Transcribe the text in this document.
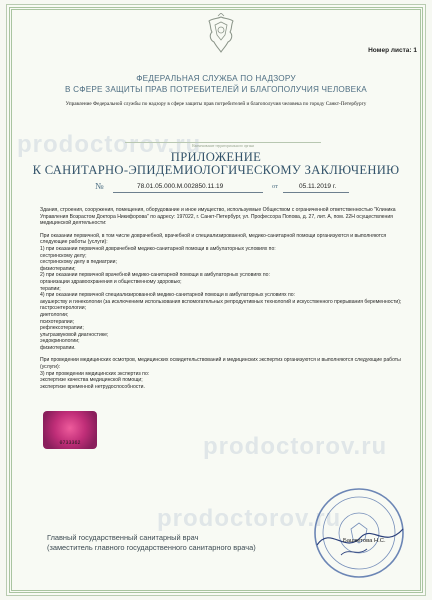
prodoctorov.ru
prodoctorov.ru
prodoctorov.ru
Номер листа: 1
ФЕДЕРАЛЬНАЯ СЛУЖБА ПО НАДЗОРУ
В СФЕРЕ ЗАЩИТЫ ПРАВ ПОТРЕБИТЕЛЕЙ И БЛАГОПОЛУЧИЯ ЧЕЛОВЕКА
Управление Федеральной службы по надзору в сфере защиты прав потребителей и благополучия человека по городу Санкт-Петербургу
Наименование территориального органа
ПРИЛОЖЕНИЕ
К САНИТАРНО-ЭПИДЕМИОЛОГИЧЕСКОМУ ЗАКЛЮЧЕНИЮ
№	78.01.05.000.М.002850.11.19	от	05.11.2019 г.

Здания, строения, сооружения, помещения, оборудование и иное имущество, используемые Обществом с ограниченной ответственностью "Клиника Управления Возрастом Доктора Никифорова" по адресу: 197022, г. Санкт-Петербург, ул. Профессора Попова, д. 27, лит. А, пом. 22Н осуществления медицинской деятельности:

При оказании первичной, в том числе доврачебной, врачебной и специализированной, медико-санитарной помощи организуются и выполняются следующие работы (услуги):

1) при оказании первичной доврачебной медико-санитарной помощи в амбулаторных условиях по:

сестринскому делу;

сестринскому делу в педиатрии;

физиотерапии;

2) при оказании первичной врачебной медико-санитарной помощи в амбулаторных условиях по:

организации здравоохранения и общественному здоровью;

терапии;

4) при оказании первичной специализированной медико-санитарной помощи в амбулаторных условиях по:

акушерству и гинекологии (за исключением использования вспомогательных репродуктивных технологий и искусственного прерывания беременности);

гастроэнтерологии;

диетологии;

психотерапии;

рефлексотерапии;

ультразвуковой диагностике;

эндокринологии;

физиотерапии.

При проведении медицинских осмотров, медицинских освидетельствований и медицинских экспертиз организуются и выполняются следующие работы (услуги):

3) при проведении медицинских экспертиз по:

экспертизе качества медицинской помощи;

экспертизе временной нетрудоспособности.

0733362
Главный государственный санитарный врач
(заместитель главного государственного санитарного врача)
Башкетова Н.С.
